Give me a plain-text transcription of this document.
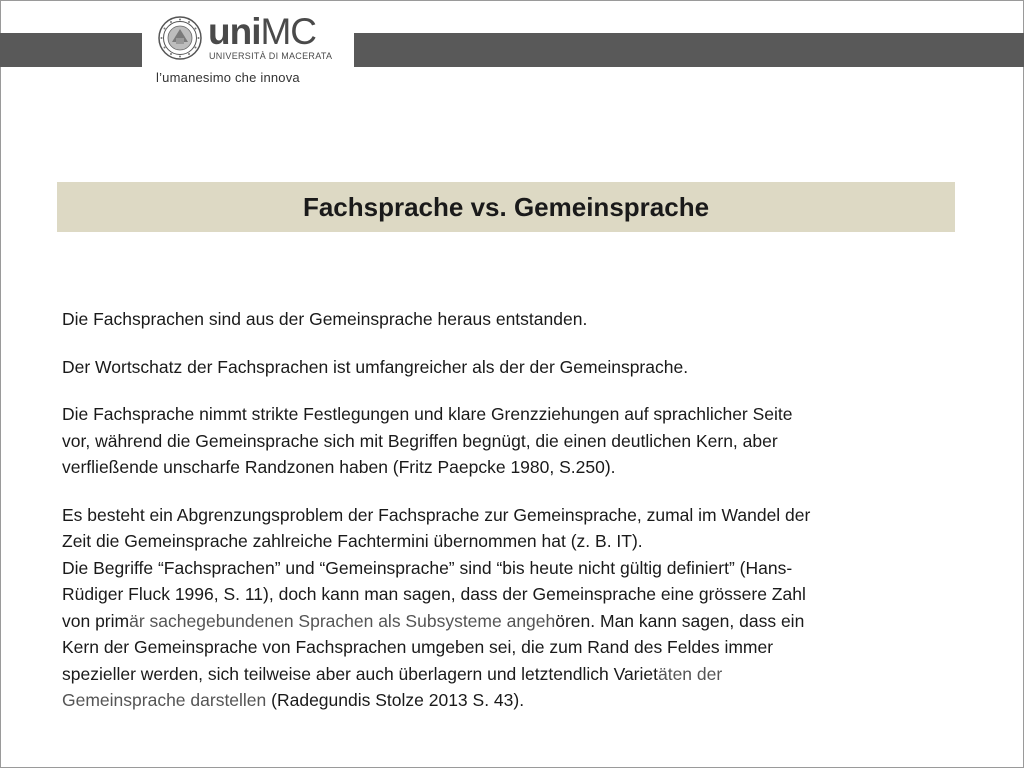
uniMC
UNIVERSITÀ DI MACERATA
l’umanesimo che innova
Fachsprache vs. Gemeinsprache

Die Fachsprachen sind aus der Gemeinsprache heraus entstanden.

Der Wortschatz der Fachsprachen ist umfangreicher als der der Gemeinsprache.

Die Fachsprache nimmt strikte Festlegungen und klare Grenzziehungen auf sprachlicher Seite

vor, während die Gemeinsprache sich mit Begriffen begnügt, die einen deutlichen Kern, aber

verfließende unscharfe Randzonen haben (Fritz Paepcke 1980, S.250).

Es besteht ein Abgrenzungsproblem der Fachsprache zur Gemeinsprache, zumal im Wandel der

Zeit die Gemeinsprache zahlreiche Fachtermini übernommen hat (z. B. IT).

Die Begriffe “Fachsprachen” und “Gemeinsprache” sind “bis heute nicht gültig definiert” (Hans-

Rüdiger Fluck 1996, S. 11), doch kann man sagen, dass der Gemeinsprache eine grössere Zahl

von primär sachegebundenen Sprachen als Subsysteme angehören. Man kann sagen, dass ein

Kern der Gemeinsprache von Fachsprachen umgeben sei, die zum Rand des Feldes immer

spezieller werden, sich teilweise aber auch überlagern und letztendlich Varietäten der

Gemeinsprache darstellen (Radegundis Stolze 2013 S. 43).
